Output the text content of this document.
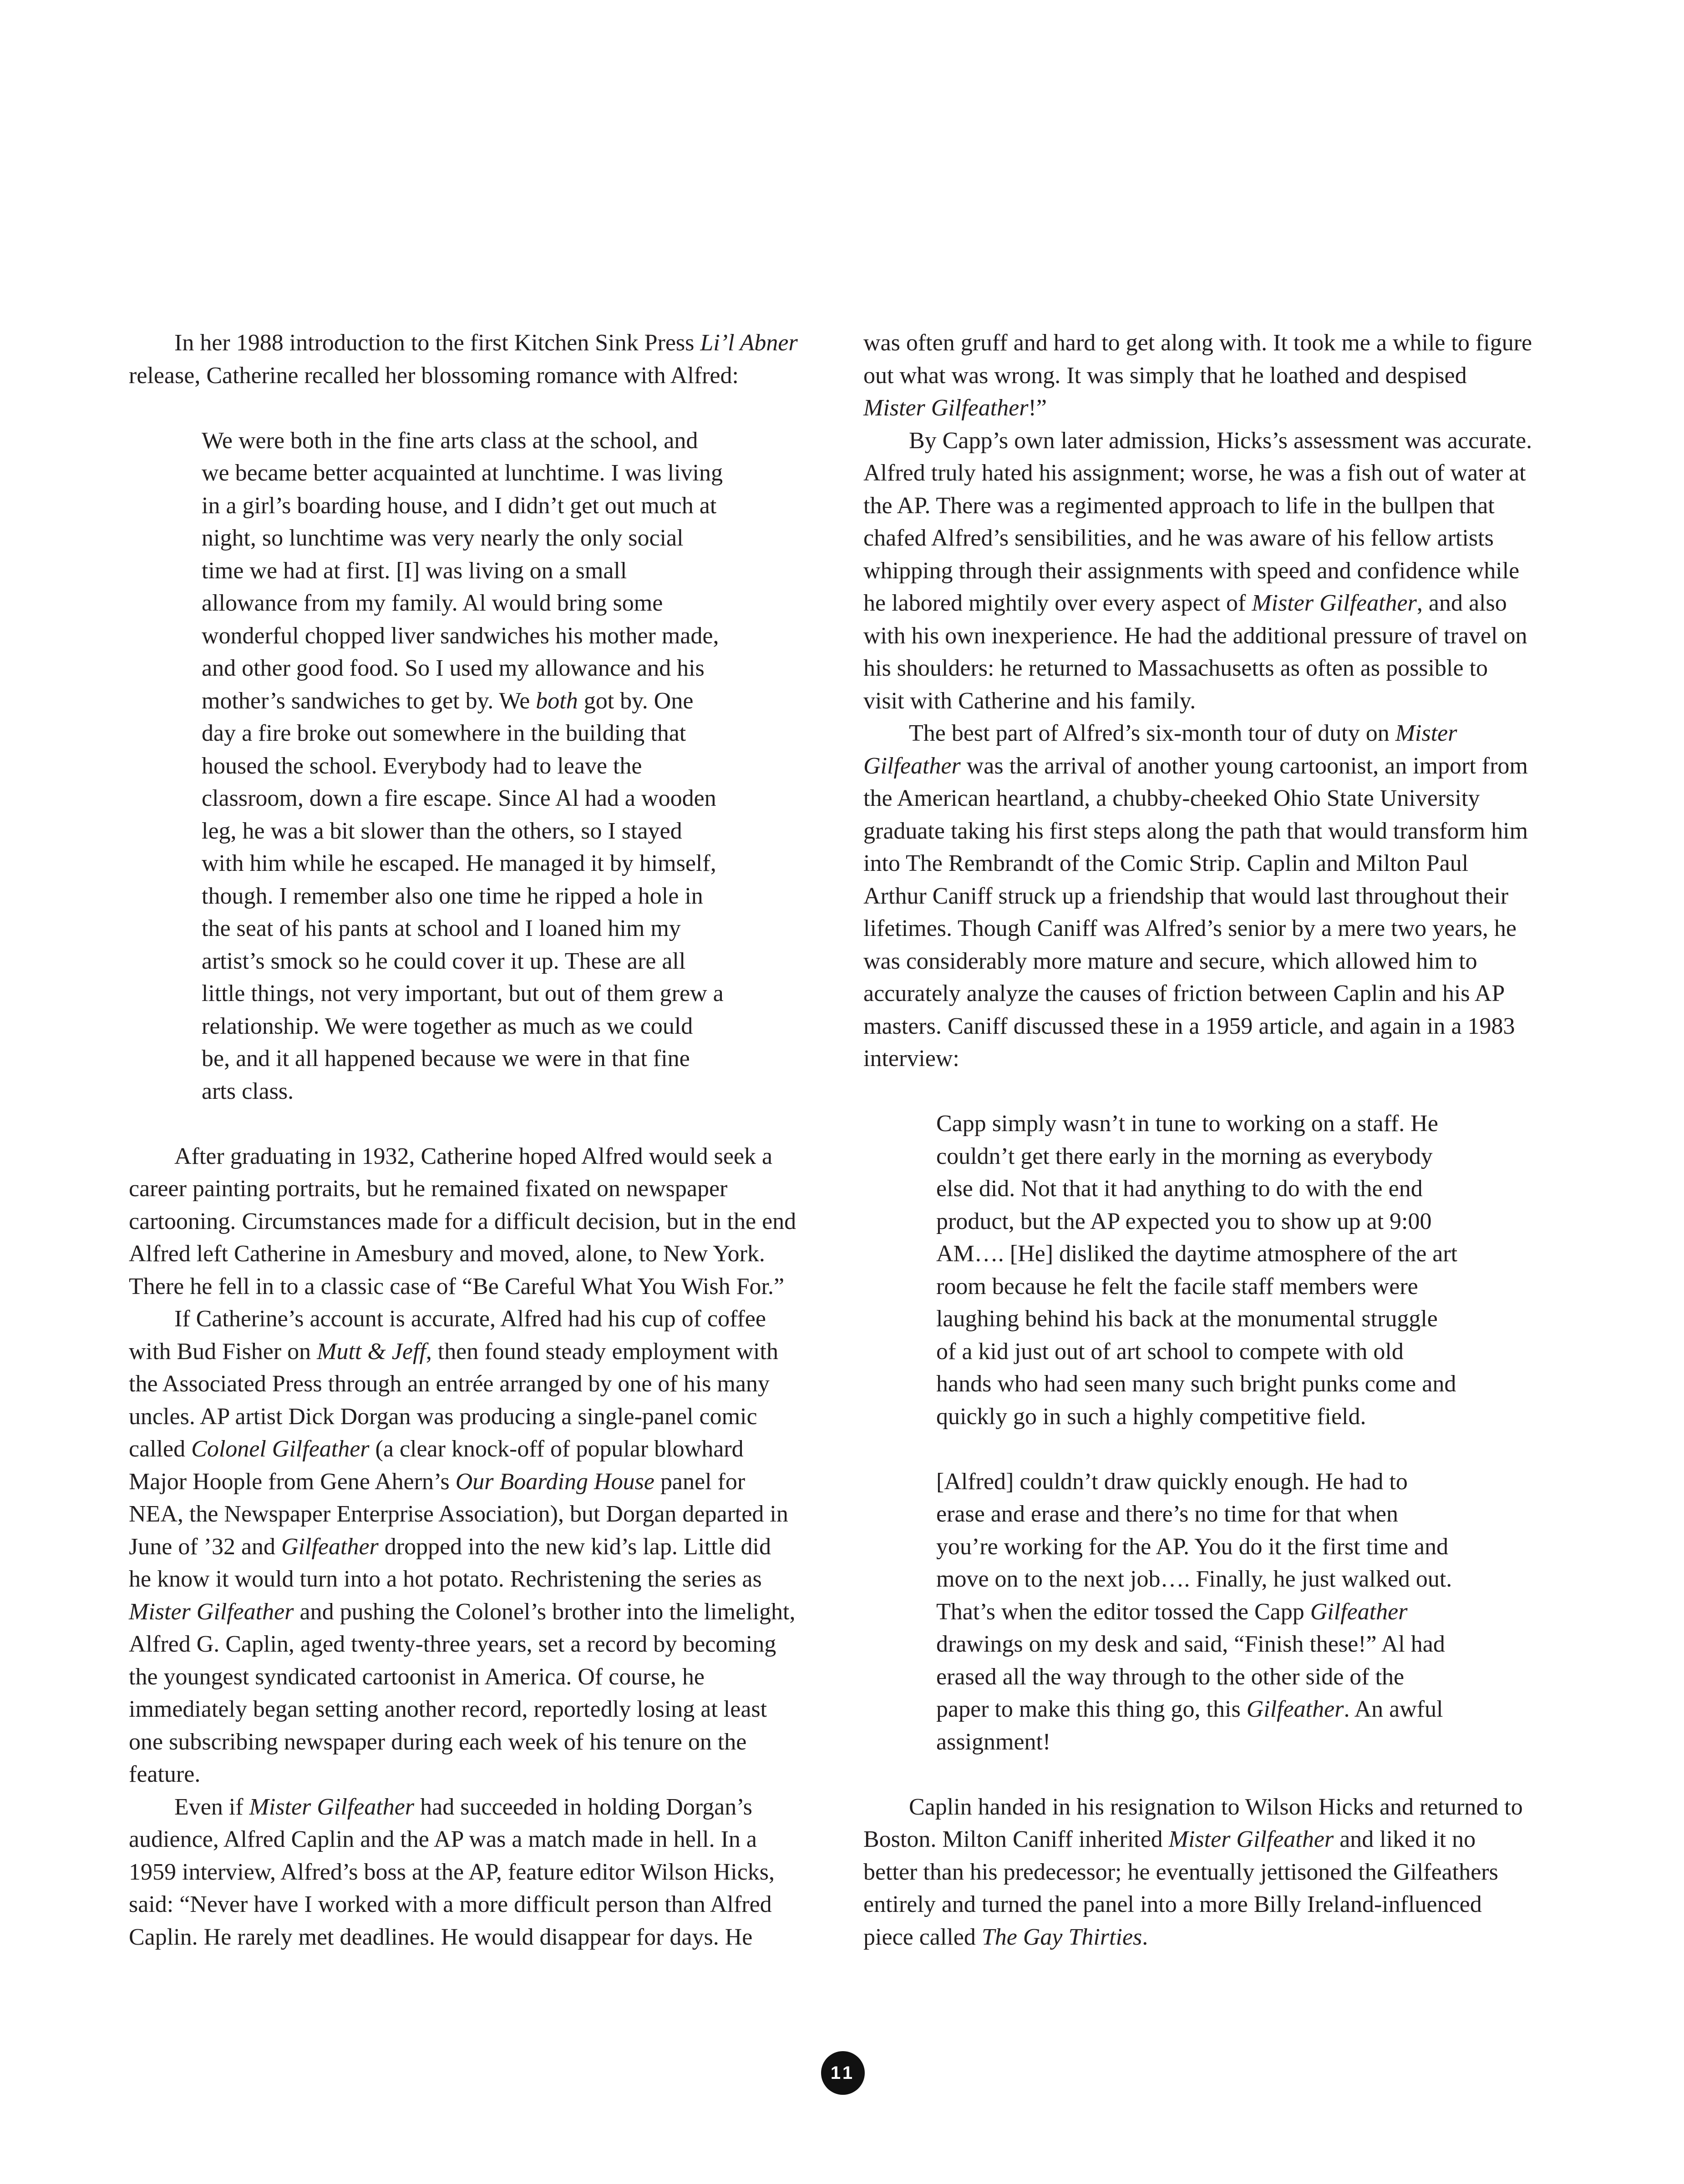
In her 1988 introduction to the first Kitchen Sink Press Li’l Abner release, Catherine recalled her blossoming romance with Alfred:

We were both in the fine arts class at the school, and we became better acquainted at lunchtime. I was living in a girl’s boarding house, and I didn’t get out much at night, so lunchtime was very nearly the only social time we had at first. [I] was living on a small allowance from my family. Al would bring some wonderful chopped liver sandwiches his mother made, and other good food. So I used my allowance and his mother’s sandwiches to get by. We both got by. One day a fire broke out somewhere in the building that housed the school. Everybody had to leave the classroom, down a fire escape. Since Al had a wooden leg, he was a bit slower than the others, so I stayed with him while he escaped. He managed it by himself, though. I remember also one time he ripped a hole in the seat of his pants at school and I loaned him my artist’s smock so he could cover it up. These are all little things, not very important, but out of them grew a relationship. We were together as much as we could be, and it all happened because we were in that fine arts class.

After graduating in 1932, Catherine hoped Alfred would seek a career painting portraits, but he remained fixated on newspaper cartooning. Circumstances made for a difficult decision, but in the end Alfred left Catherine in Amesbury and moved, alone, to New York. There he fell in to a classic case of “Be Careful What You Wish For.”

If Catherine’s account is accurate, Alfred had his cup of coffee with Bud Fisher on Mutt & Jeff, then found steady employment with the Associated Press through an entrée arranged by one of his many uncles. AP artist Dick Dorgan was producing a single-panel comic called Colonel Gilfeather (a clear knock-off of popular blowhard Major Hoople from Gene Ahern’s Our Boarding House panel for NEA, the Newspaper Enterprise Association), but Dorgan departed in June of ’32 and Gilfeather dropped into the new kid’s lap. Little did he know it would turn into a hot potato. Rechristening the series as Mister Gilfeather and pushing the Colonel’s brother into the limelight, Alfred G. Caplin, aged twenty-three years, set a record by becoming the youngest syndicated cartoonist in America. Of course, he immediately began setting another record, reportedly losing at least one subscribing newspaper during each week of his tenure on the feature.

Even if Mister Gilfeather had succeeded in holding Dorgan’s audience, Alfred Caplin and the AP was a match made in hell. In a 1959 interview, Alfred’s boss at the AP, feature editor Wilson Hicks, said: “Never have I worked with a more difficult person than Alfred Caplin. He rarely met deadlines. He would disappear for days. He

was often gruff and hard to get along with. It took me a while to figure out what was wrong. It was simply that he loathed and despised Mister Gilfeather!”

By Capp’s own later admission, Hicks’s assessment was accurate. Alfred truly hated his assignment; worse, he was a fish out of water at the AP. There was a regimented approach to life in the bullpen that chafed Alfred’s sensibilities, and he was aware of his fellow artists whipping through their assignments with speed and confidence while he labored mightily over every aspect of Mister Gilfeather, and also with his own inexperience. He had the additional pressure of travel on his shoulders: he returned to Massachusetts as often as possible to visit with Catherine and his family.

The best part of Alfred’s six-month tour of duty on Mister Gilfeather was the arrival of another young cartoonist, an import from the American heartland, a chubby-cheeked Ohio State University graduate taking his first steps along the path that would transform him into The Rembrandt of the Comic Strip. Caplin and Milton Paul Arthur Caniff struck up a friendship that would last throughout their lifetimes. Though Caniff was Alfred’s senior by a mere two years, he was considerably more mature and secure, which allowed him to accurately analyze the causes of friction between Caplin and his AP masters. Caniff discussed these in a 1959 article, and again in a 1983 interview:

Capp simply wasn’t in tune to working on a staff. He couldn’t get there early in the morning as everybody else did. Not that it had anything to do with the end product, but the AP expected you to show up at 9:00 AM…. [He] disliked the daytime atmosphere of the art room because he felt the facile staff members were laughing behind his back at the monumental struggle of a kid just out of art school to compete with old hands who had seen many such bright punks come and quickly go in such a highly competitive field.

[Alfred] couldn’t draw quickly enough. He had to erase and erase and there’s no time for that when you’re working for the AP. You do it the first time and move on to the next job…. Finally, he just walked out. That’s when the editor tossed the Capp Gilfeather drawings on my desk and said, “Finish these!” Al had erased all the way through to the other side of the paper to make this thing go, this Gilfeather. An awful assignment!

Caplin handed in his resignation to Wilson Hicks and returned to Boston. Milton Caniff inherited Mister Gilfeather and liked it no better than his predecessor; he eventually jettisoned the Gilfeathers entirely and turned the panel into a more Billy Ireland-influenced piece called The Gay Thirties.

11
